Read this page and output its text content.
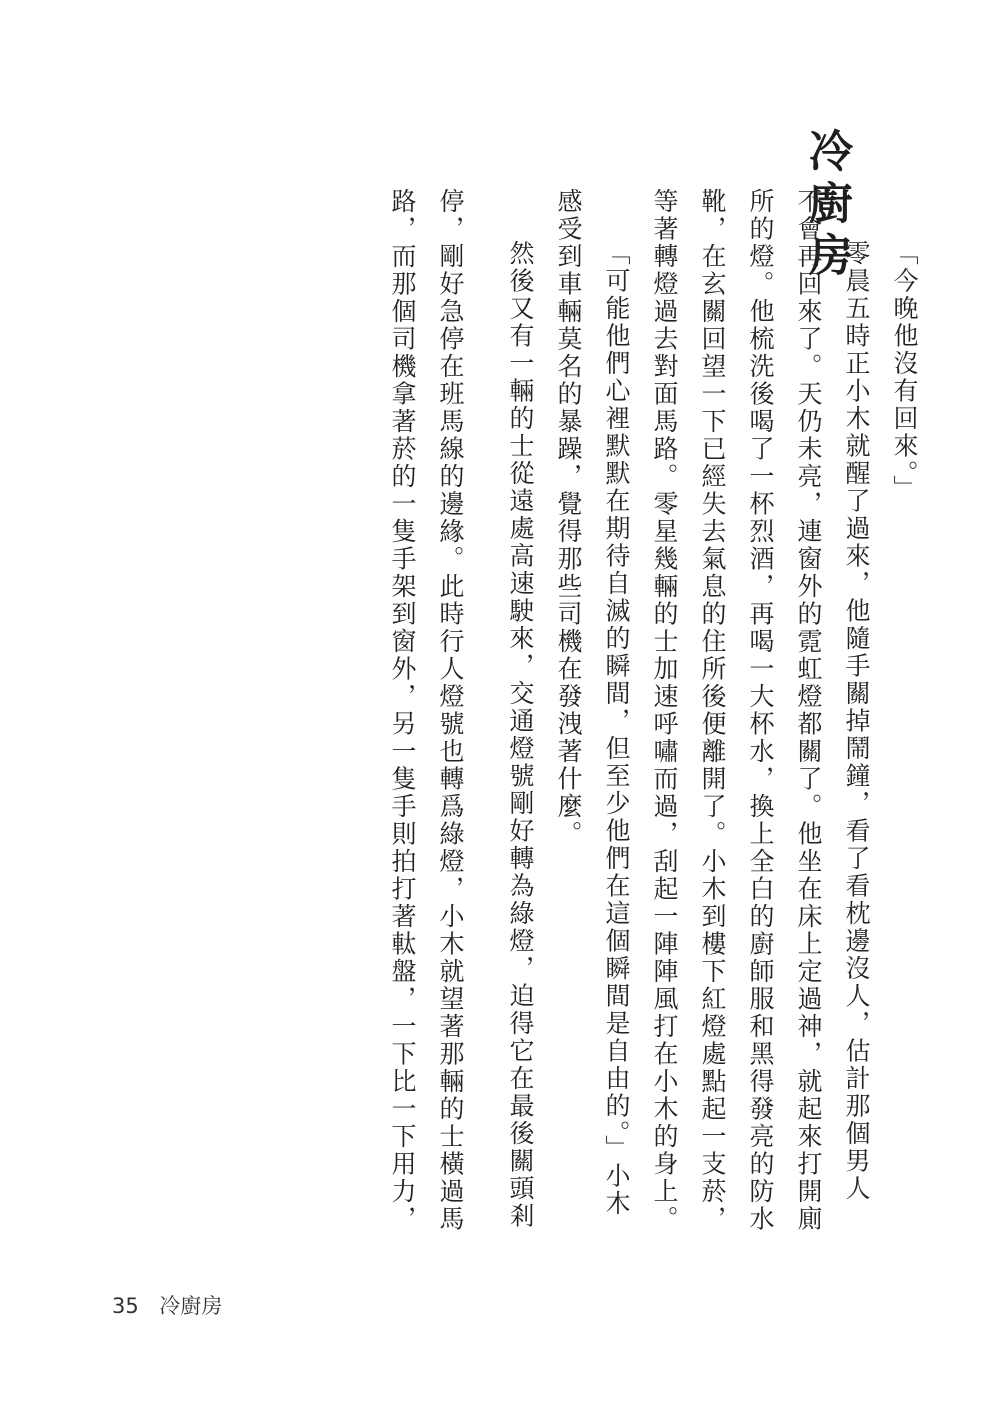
冷廚房
「今晚他沒有回來。」
零晨五時正小木就醒了過來，他隨手關掉鬧鐘，看了看枕邊沒人，估計那個男人
不會再回來了。天仍未亮，連窗外的霓虹燈都關了。他坐在床上定過神，就起來打開廁
所的燈。他梳洗後喝了一杯烈酒，再喝一大杯水，換上全白的廚師服和黑得發亮的防水
靴，在玄關回望一下已經失去氣息的住所後便離開了。小木到樓下紅燈處點起一支菸，
等著轉燈過去對面馬路。零星幾輛的士加速呼嘯而過，刮起一陣陣風打在小木的身上。
「可能他們心裡默默在期待自滅的瞬間，但至少他們在這個瞬間是自由的。」小木
感受到車輛莫名的暴躁，覺得那些司機在發洩著什麼。
然後又有一輛的士從遠處高速駛來，交通燈號剛好轉為綠燈，迫得它在最後關頭剎
停，剛好急停在班馬線的邊緣。此時行人燈號也轉爲綠燈，小木就望著那輛的士橫過馬
路，而那個司機拿著菸的一隻手架到窗外，另一隻手則拍打著軚盤，一下比一下用力，
35 冷廚房
